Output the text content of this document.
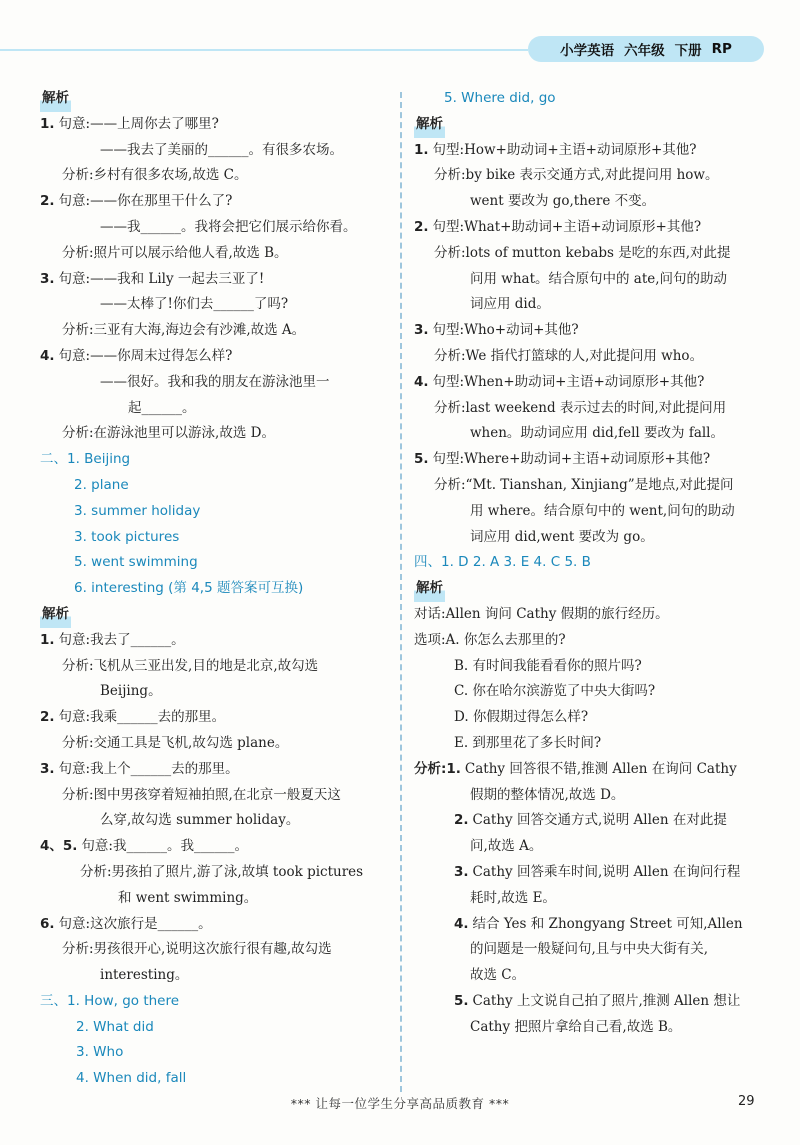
小学英语 六年级 下册 RP
解析
1. 句意:——上周你去了哪里?
——我去了美丽的______。有很多农场。
分析:乡村有很多农场,故选 C。
2. 句意:——你在那里干什么了?
——我______。我将会把它们展示给你看。
分析:照片可以展示给他人看,故选 B。
3. 句意:——我和 Lily 一起去三亚了!
——太棒了!你们去______了吗?
分析:三亚有大海,海边会有沙滩,故选 A。
4. 句意:——你周末过得怎么样?
——很好。我和我的朋友在游泳池里一
起______。
分析:在游泳池里可以游泳,故选 D。
二、1. Beijing
2. plane
3. summer holiday
3. took pictures
5. went swimming
6. interesting (第 4,5 题答案可互换)
解析
1. 句意:我去了______。
分析:飞机从三亚出发,目的地是北京,故勾选
Beijing。
2. 句意:我乘______去的那里。
分析:交通工具是飞机,故勾选 plane。
3. 句意:我上个______去的那里。
分析:图中男孩穿着短袖拍照,在北京一般夏天这
么穿,故勾选 summer holiday。
4、5. 句意:我______。我______。
分析:男孩拍了照片,游了泳,故填 took pictures
和 went swimming。
6. 句意:这次旅行是______。
分析:男孩很开心,说明这次旅行很有趣,故勾选
interesting。
三、1. How, go there
2. What did
3. Who
4. When did, fall
5. Where did, go
解析
1. 句型:How+助动词+主语+动词原形+其他?
分析:by bike 表示交通方式,对此提问用 how。
went 要改为 go,there 不变。
2. 句型:What+助动词+主语+动词原形+其他?
分析:lots of mutton kebabs 是吃的东西,对此提
问用 what。结合原句中的 ate,问句的助动
词应用 did。
3. 句型:Who+动词+其他?
分析:We 指代打篮球的人,对此提问用 who。
4. 句型:When+助动词+主语+动词原形+其他?
分析:last weekend 表示过去的时间,对此提问用
when。助动词应用 did,fell 要改为 fall。
5. 句型:Where+助动词+主语+动词原形+其他?
分析:“Mt. Tianshan, Xinjiang”是地点,对此提问
用 where。结合原句中的 went,问句的助动
词应用 did,went 要改为 go。
四、1. D 2. A 3. E 4. C 5. B
解析
对话:Allen 询问 Cathy 假期的旅行经历。
选项:A. 你怎么去那里的?
B. 有时间我能看看你的照片吗?
C. 你在哈尔滨游览了中央大街吗?
D. 你假期过得怎么样?
E. 到那里花了多长时间?
分析:1. Cathy 回答很不错,推测 Allen 在询问 Cathy
假期的整体情况,故选 D。
2. Cathy 回答交通方式,说明 Allen 在对此提
问,故选 A。
3. Cathy 回答乘车时间,说明 Allen 在询问行程
耗时,故选 E。
4. 结合 Yes 和 Zhongyang Street 可知,Allen
的问题是一般疑问句,且与中央大街有关,
故选 C。
5. Cathy 上文说自己拍了照片,推测 Allen 想让
Cathy 把照片拿给自己看,故选 B。
*** 让每一位学生分享高品质教育 ***	29
